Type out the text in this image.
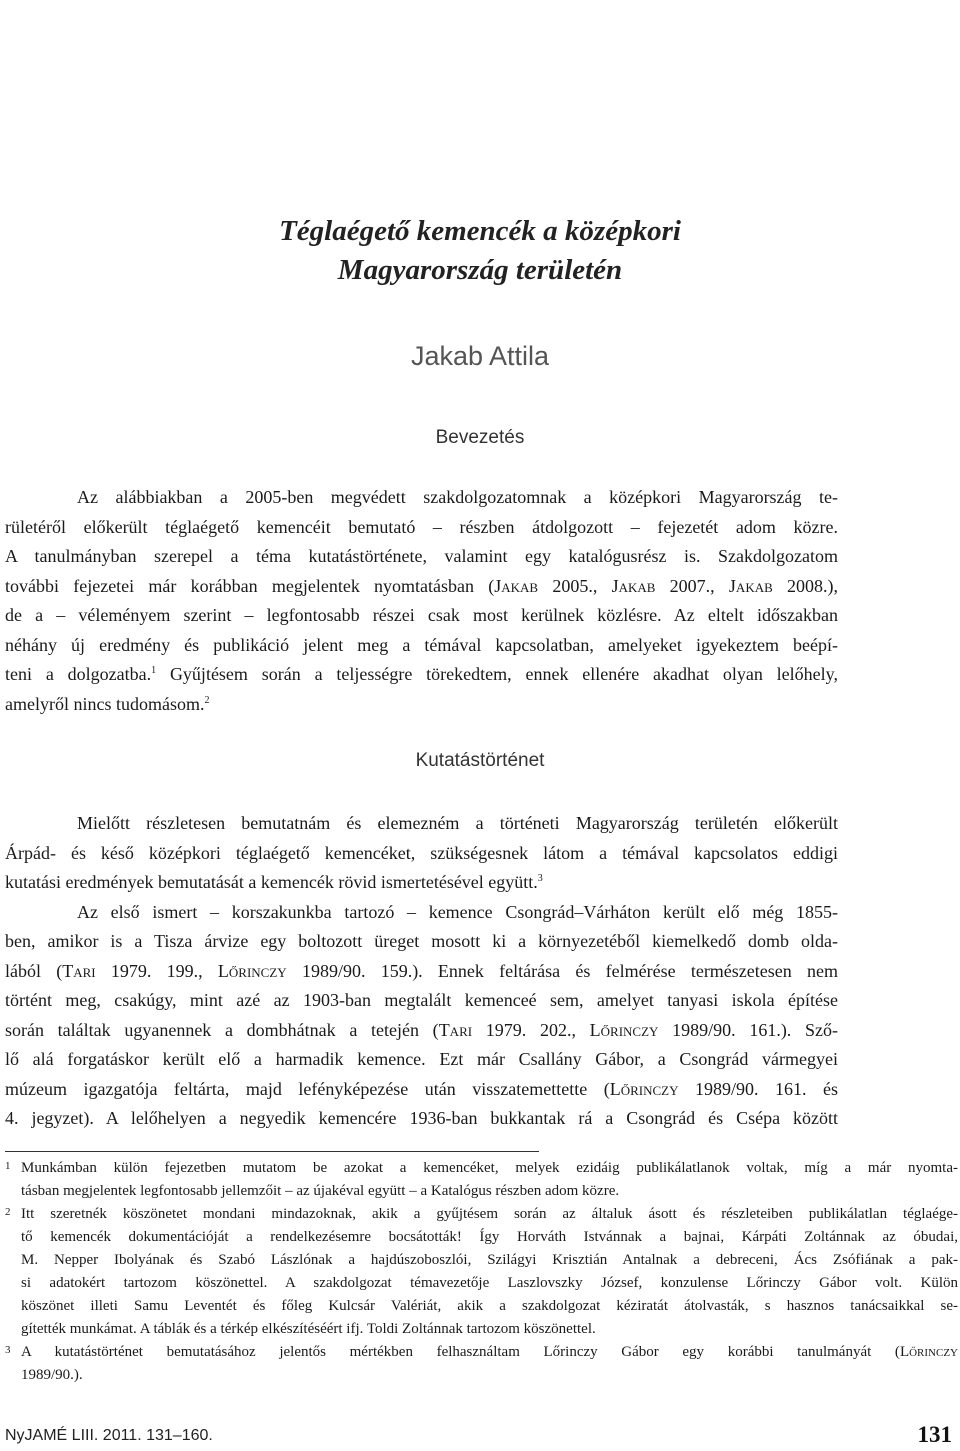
Téglaégető kemencék a középkori
Magyarország területén
Jakab Attila
Bevezetés
Az alábbiakban a 2005-ben megvédett szakdolgozatomnak a középkori Magyarország te-
rületéről előkerült téglaégető kemencéit bemutató – részben átdolgozott – fejezetét adom közre.
A tanulmányban szerepel a téma kutatástörténete, valamint egy katalógusrész is. Szakdolgozatom
további fejezetei már korábban megjelentek nyomtatásban (Jakab 2005., Jakab 2007., Jakab 2008.),
de a – véleményem szerint – legfontosabb részei csak most kerülnek közlésre. Az eltelt időszakban
néhány új eredmény és publikáció jelent meg a témával kapcsolatban, amelyeket igyekeztem beépí-
teni a dolgozatba.$^1$ Gyűjtésem során a teljességre törekedtem, ennek ellenére akadhat olyan lelőhely,
amelyről nincs tudomásom.$^2$
Kutatástörténet
Mielőtt részletesen bemutatnám és elemezném a történeti Magyarország területén előkerült
Árpád- és késő középkori téglaégető kemencéket, szükségesnek látom a témával kapcsolatos eddigi
kutatási eredmények bemutatását a kemencék rövid ismertetésével együtt.$^3$
Az első ismert – korszakunkba tartozó – kemence Csongrád–Várháton került elő még 1855-
ben, amikor is a Tisza árvize egy boltozott üreget mosott ki a környezetéből kiemelkedő domb olda-
lából (Tari 1979. 199., Lőrinczy 1989/90. 159.). Ennek feltárása és felmérése természetesen nem
történt meg, csakúgy, mint azé az 1903-ban megtalált kemenceé sem, amelyet tanyasi iskola építése
során találtak ugyanennek a dombhátnak a tetején (Tari 1979. 202., Lőrinczy 1989/90. 161.). Sző-
lő alá forgatáskor került elő a harmadik kemence. Ezt már Csallány Gábor, a Csongrád vármegyei
múzeum igazgatója feltárta, majd lefényképezése után visszatemettette (Lőrinczy 1989/90. 161. és
4. jegyzet). A lelőhelyen a negyedik kemencére 1936-ban bukkantak rá a Csongrád és Csépa között
1 Munkámban külön fejezetben mutatom be azokat a kemencéket, melyek ezidáig publikálatlanok voltak, míg a már nyomta-
tásban megjelentek legfontosabb jellemzőit – az újakéval együtt – a Katalógus részben adom közre.
2 Itt szeretnék köszönetet mondani mindazoknak, akik a gyűjtésem során az általuk ásott és részleteiben publikálatlan téglaége-
tő kemencék dokumentációját a rendelkezésemre bocsátották! Így Horváth Istvánnak a bajnai, Kárpáti Zoltánnak az óbudai,
M. Nepper Ibolyának és Szabó Lászlónak a hajdúszoboszlói, Szilágyi Krisztián Antalnak a debreceni, Ács Zsófiának a pak-
si adatokért tartozom köszönettel. A szakdolgozat témavezetője Laszlovszky József, konzulense Lőrinczy Gábor volt. Külön
köszönet illeti Samu Leventét és főleg Kulcsár Valériát, akik a szakdolgozat kéziratát átolvasták, s hasznos tanácsaikkal se-
gítették munkámat. A táblák és a térkép elkészítéséért ifj. Toldi Zoltánnak tartozom köszönettel.
3 A kutatástörténet bemutatásához jelentős mértékben felhasználtam Lőrinczy Gábor egy korábbi tanulmányát (Lőrinczy
1989/90.).
NyJAMÉ LIII. 2011. 131–160.	131
